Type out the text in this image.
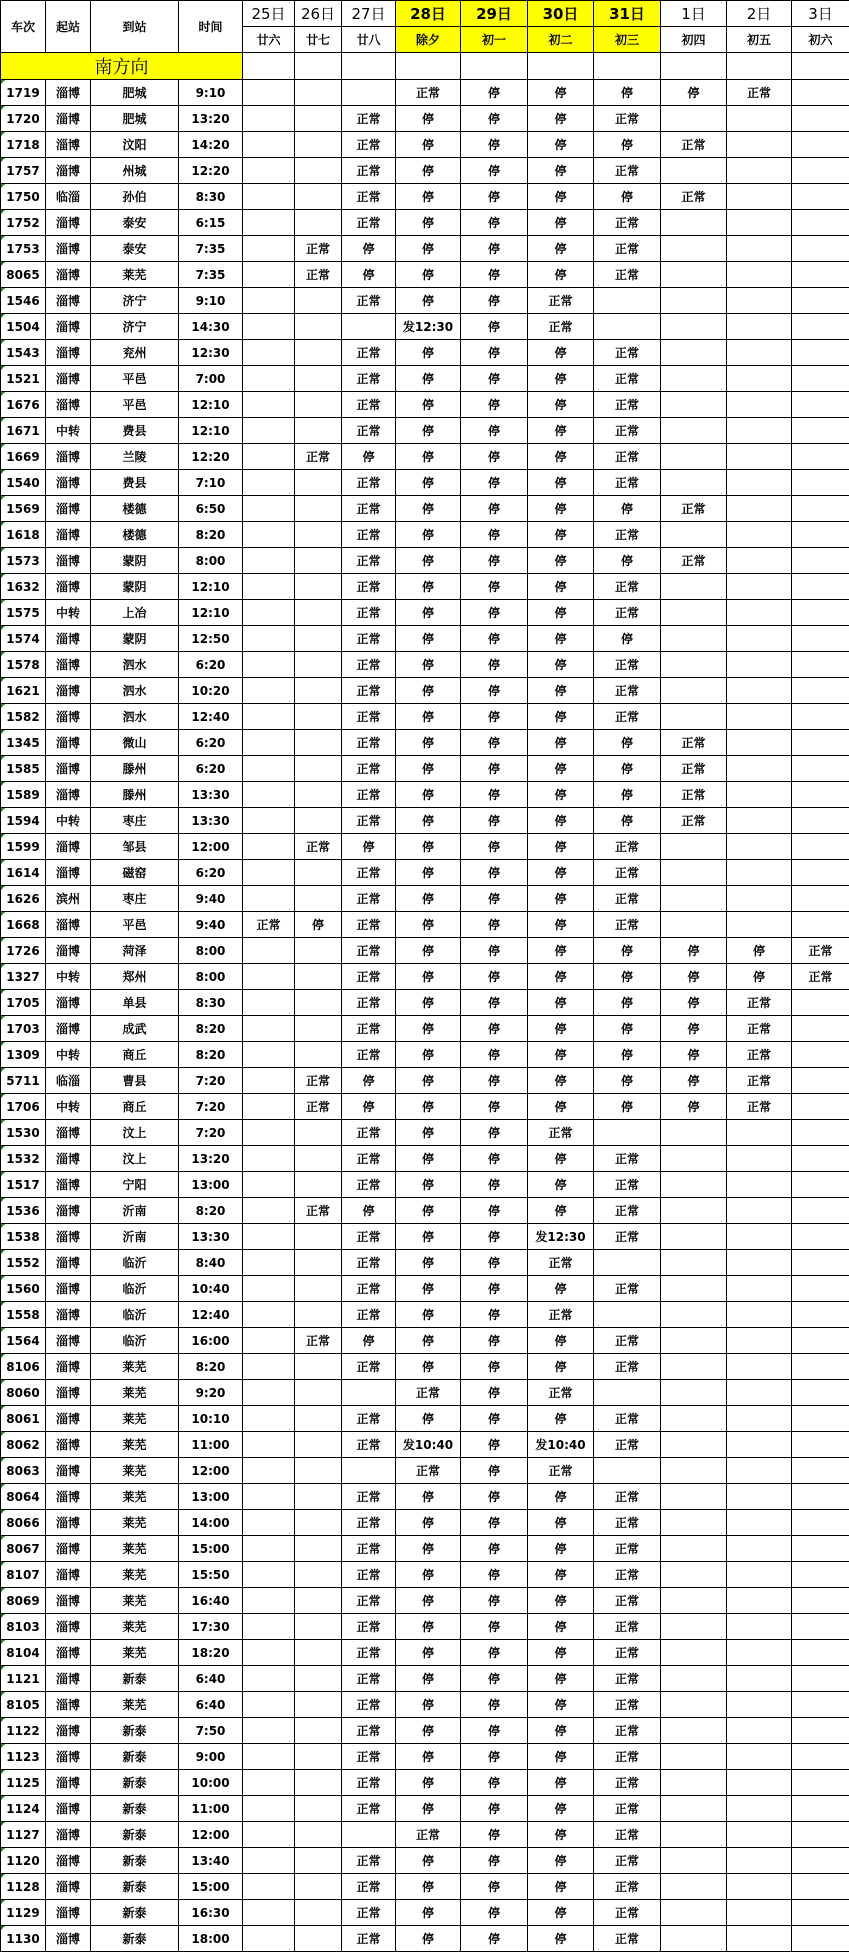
车次	起站	到站	时间	25日	26日	27日	28日	29日	30日	31日	1日	2日	3日
				廿六	廿七	廿八	除夕	初一	初二	初三	初四	初五	初六
南方向													
1719	淄博	肥城	9:10				正常	停	停	停	停	正常	
1720	淄博	肥城	13:20			正常	停	停	停	正常			
1718	淄博	汶阳	14:20			正常	停	停	停	停	正常		
1757	淄博	州城	12:20			正常	停	停	停	正常			
1750	临淄	孙伯	8:30			正常	停	停	停	停	正常		
1752	淄博	泰安	6:15			正常	停	停	停	正常			
1753	淄博	泰安	7:35		正常	停	停	停	停	正常			
8065	淄博	莱芜	7:35		正常	停	停	停	停	正常			
1546	淄博	济宁	9:10			正常	停	停	正常				
1504	淄博	济宁	14:30				发12:30	停	正常				
1543	淄博	兖州	12:30			正常	停	停	停	正常			
1521	淄博	平邑	7:00			正常	停	停	停	正常			
1676	淄博	平邑	12:10			正常	停	停	停	正常			
1671	中转	费县	12:10			正常	停	停	停	正常			
1669	淄博	兰陵	12:20		正常	停	停	停	停	正常			
1540	淄博	费县	7:10			正常	停	停	停	正常			
1569	淄博	楼德	6:50			正常	停	停	停	停	正常		
1618	淄博	楼德	8:20			正常	停	停	停	正常			
1573	淄博	蒙阴	8:00			正常	停	停	停	停	正常		
1632	淄博	蒙阴	12:10			正常	停	停	停	正常			
1575	中转	上冶	12:10			正常	停	停	停	正常			
1574	淄博	蒙阴	12:50			正常	停	停	停	停			
1578	淄博	泗水	6:20			正常	停	停	停	正常			
1621	淄博	泗水	10:20			正常	停	停	停	正常			
1582	淄博	泗水	12:40			正常	停	停	停	正常			
1345	淄博	微山	6:20			正常	停	停	停	停	正常		
1585	淄博	滕州	6:20			正常	停	停	停	停	正常		
1589	淄博	滕州	13:30			正常	停	停	停	停	正常		
1594	中转	枣庄	13:30			正常	停	停	停	停	正常		
1599	淄博	邹县	12:00		正常	停	停	停	停	正常			
1614	淄博	磁窑	6:20			正常	停	停	停	正常			
1626	滨州	枣庄	9:40			正常	停	停	停	正常			
1668	淄博	平邑	9:40	正常	停	正常	停	停	停	正常			
1726	淄博	菏泽	8:00			正常	停	停	停	停	停	停	正常
1327	中转	郑州	8:00			正常	停	停	停	停	停	停	正常
1705	淄博	单县	8:30			正常	停	停	停	停	停	正常	
1703	淄博	成武	8:20			正常	停	停	停	停	停	正常	
1309	中转	商丘	8:20			正常	停	停	停	停	停	正常	
5711	临淄	曹县	7:20		正常	停	停	停	停	停	停	正常	
1706	中转	商丘	7:20		正常	停	停	停	停	停	停	正常	
1530	淄博	汶上	7:20			正常	停	停	正常				
1532	淄博	汶上	13:20			正常	停	停	停	正常			
1517	淄博	宁阳	13:00			正常	停	停	停	正常			
1536	淄博	沂南	8:20		正常	停	停	停	停	正常			
1538	淄博	沂南	13:30			正常	停	停	发12:30	正常			
1552	淄博	临沂	8:40			正常	停	停	正常				
1560	淄博	临沂	10:40			正常	停	停	停	正常			
1558	淄博	临沂	12:40			正常	停	停	正常				
1564	淄博	临沂	16:00		正常	停	停	停	停	正常			
8106	淄博	莱芜	8:20			正常	停	停	停	正常			
8060	淄博	莱芜	9:20				正常	停	正常				
8061	淄博	莱芜	10:10			正常	停	停	停	正常			
8062	淄博	莱芜	11:00			正常	发10:40	停	发10:40	正常			
8063	淄博	莱芜	12:00				正常	停	正常				
8064	淄博	莱芜	13:00			正常	停	停	停	正常			
8066	淄博	莱芜	14:00			正常	停	停	停	正常			
8067	淄博	莱芜	15:00			正常	停	停	停	正常			
8107	淄博	莱芜	15:50			正常	停	停	停	正常			
8069	淄博	莱芜	16:40			正常	停	停	停	正常			
8103	淄博	莱芜	17:30			正常	停	停	停	正常			
8104	淄博	莱芜	18:20			正常	停	停	停	正常			
1121	淄博	新泰	6:40			正常	停	停	停	正常			
8105	淄博	莱芜	6:40			正常	停	停	停	正常			
1122	淄博	新泰	7:50			正常	停	停	停	正常			
1123	淄博	新泰	9:00			正常	停	停	停	正常			
1125	淄博	新泰	10:00			正常	停	停	停	正常			
1124	淄博	新泰	11:00			正常	停	停	停	正常			
1127	淄博	新泰	12:00				正常	停	停	正常			
1120	淄博	新泰	13:40			正常	停	停	停	正常			
1128	淄博	新泰	15:00			正常	停	停	停	正常			
1129	淄博	新泰	16:30			正常	停	停	停	正常			
1130	淄博	新泰	18:00			正常	停	停	停	正常			
